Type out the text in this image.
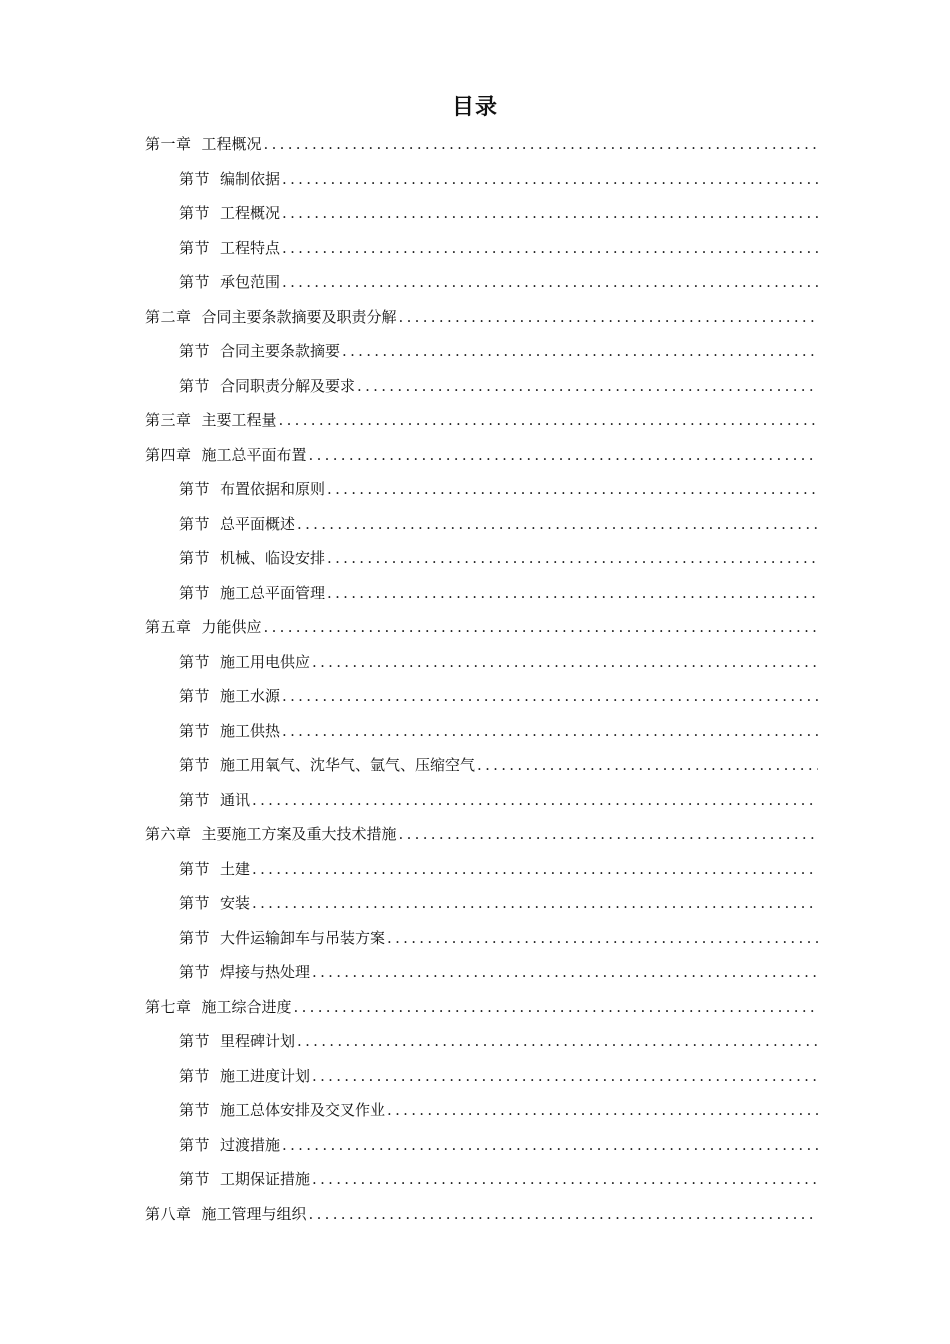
目录
第一章 工程概况
.....
第节 编制依据
.....
第节 工程概况
.....
第节 工程特点
.....
第节 承包范围
.....
第二章 合同主要条款摘要及职责分解
.....
第节 合同主要条款摘要
.....
第节 合同职责分解及要求
.....
第三章 主要工程量
.....
第四章 施工总平面布置
.....
第节 布置依据和原则
.....
第节 总平面概述
.....
第节 机械、临设安排
.....
第节 施工总平面管理
.....
第五章 力能供应
.....
第节 施工用电供应
.....
第节 施工水源
.....
第节 施工供热
.....
第节 施工用氧气、沈华气、氩气、压缩空气
.....
第节 通讯
.....
第六章 主要施工方案及重大技术措施
.....
第节 土建
.....
第节 安装
.....
第节 大件运输卸车与吊装方案
.....
第节 焊接与热处理
.....
第七章 施工综合进度
.....
第节 里程碑计划
.....
第节 施工进度计划
.....
第节 施工总体安排及交叉作业
.....
第节 过渡措施
.....
第节 工期保证措施
.....
第八章 施工管理与组织
.....
